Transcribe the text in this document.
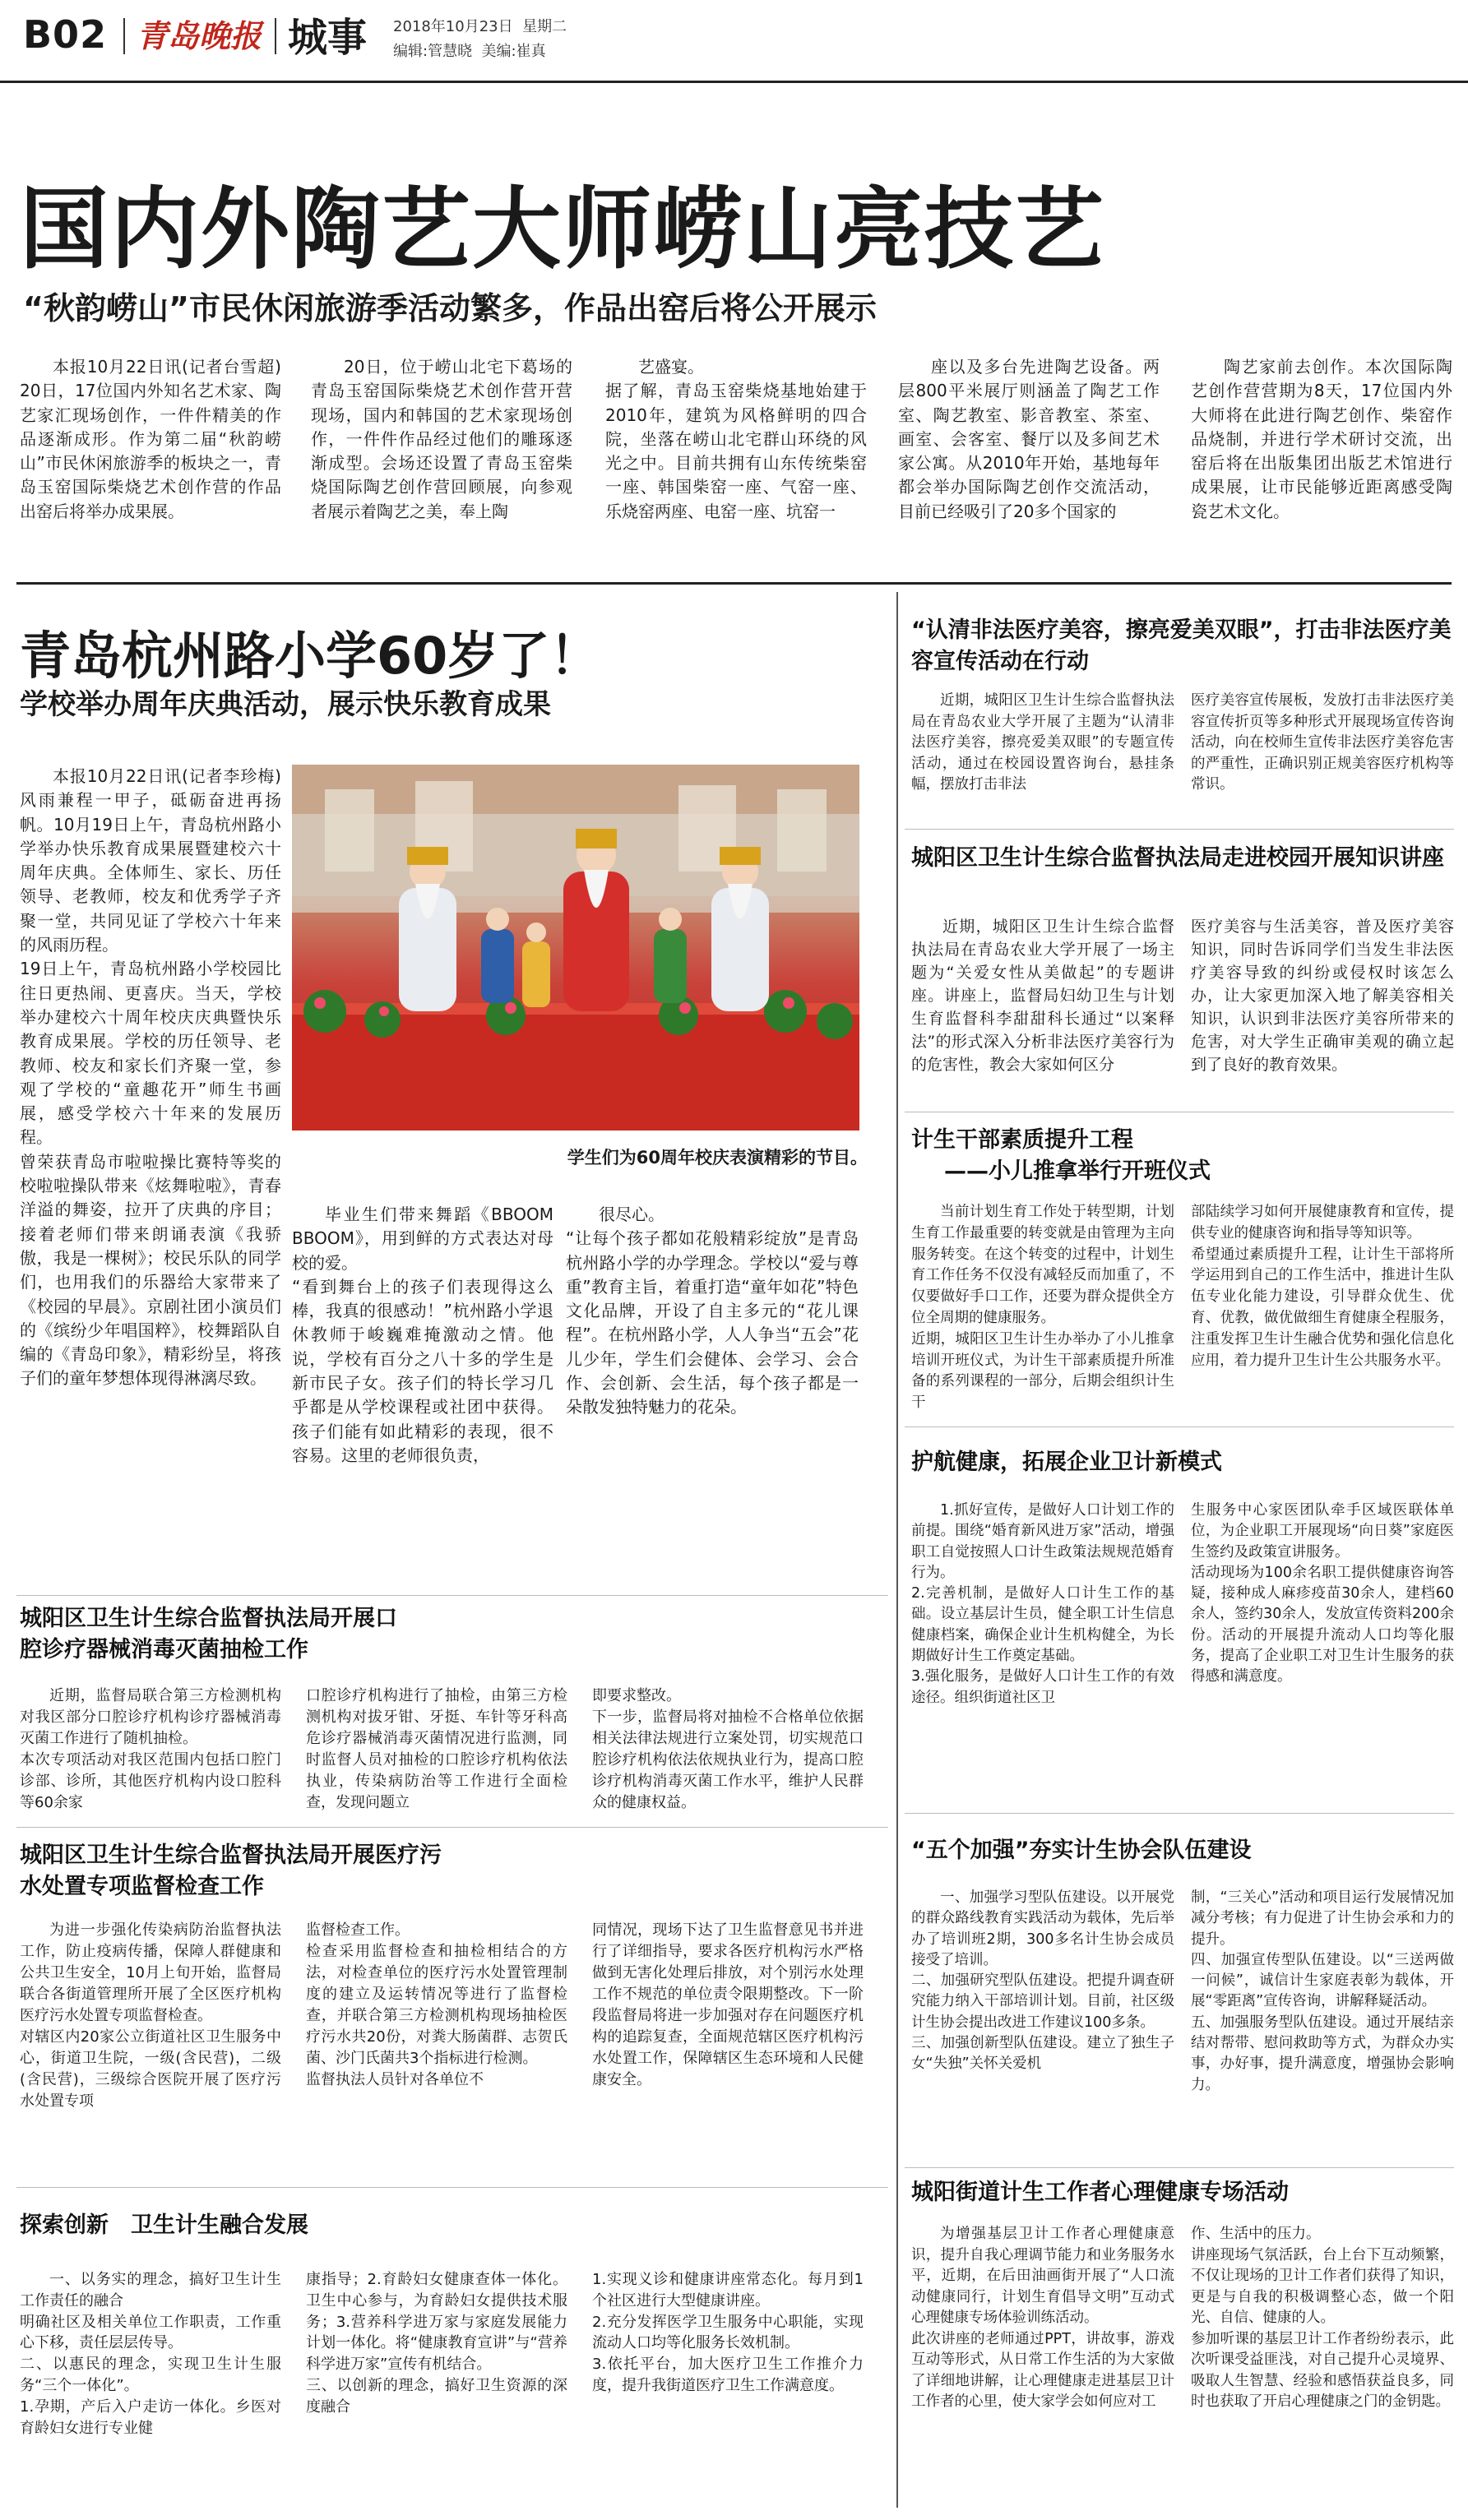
B02 青岛晚报 城事 2018年10月23日 星期二
编辑:管慧晓 美编:崔真
国内外陶艺大师崂山亮技艺
“秋韵崂山”市民休闲旅游季活动繁多，作品出窑后将公开展示
本报10月22日讯(记者台雪超) 20日，17位国内外知名艺术家、陶艺家汇现场创作，一件件精美的作品逐渐成形。作为第二届“秋韵崂山”市民休闲旅游季的板块之一，青岛玉窑国际柴烧艺术创作营的作品出窑后将举办成果展。
20日，位于崂山北宅下葛场的青岛玉窑国际柴烧艺术创作营开营现场，国内和韩国的艺术家现场创作，一件件作品经过他们的雕琢逐渐成型。会场还设置了青岛玉窑柴烧国际陶艺创作营回顾展，向参观者展示着陶艺之美，奉上陶
艺盛宴。
据了解，青岛玉窑柴烧基地始建于2010年，建筑为风格鲜明的四合院，坐落在崂山北宅群山环绕的风光之中。目前共拥有山东传统柴窑一座、韩国柴窑一座、气窑一座、乐烧窑两座、电窑一座、坑窑一
座以及多台先进陶艺设备。两层800平米展厅则涵盖了陶艺工作室、陶艺教室、影音教室、茶室、画室、会客室、餐厅以及多间艺术家公寓。从2010年开始，基地每年都会举办国际陶艺创作交流活动，目前已经吸引了20多个国家的
陶艺家前去创作。本次国际陶艺创作营营期为8天，17位国内外大师将在此进行陶艺创作、柴窑作品烧制，并进行学术研讨交流，出窑后将在出版集团出版艺术馆进行成果展，让市民能够近距离感受陶瓷艺术文化。
青岛杭州路小学60岁了！
学校举办周年庆典活动，展示快乐教育成果
学生们为60周年校庆表演精彩的节目。
本报10月22日讯(记者李珍梅) 风雨兼程一甲子，砥砺奋进再扬帆。10月19日上午，青岛杭州路小学举办快乐教育成果展暨建校六十周年庆典。全体师生、家长、历任领导、老教师，校友和优秀学子齐聚一堂，共同见证了学校六十年来的风雨历程。
19日上午，青岛杭州路小学校园比往日更热闹、更喜庆。当天，学校举办建校六十周年校庆庆典暨快乐教育成果展。学校的历任领导、老教师、校友和家长们齐聚一堂，参观了学校的“童趣花开”师生书画展，感受学校六十年来的发展历程。
曾荣获青岛市啦啦操比赛特等奖的校啦啦操队带来《炫舞啦啦》，青春洋溢的舞姿，拉开了庆典的序目；接着老师们带来朗诵表演《我骄傲，我是一棵树》；校民乐队的同学们，也用我们的乐器给大家带来了《校园的早晨》。京剧社团小演员们的《缤纷少年唱国粹》，校舞蹈队自编的《青岛印象》，精彩纷呈，将孩子们的童年梦想体现得淋漓尽致。
毕业生们带来舞蹈《BBOOM BBOOM》，用到鲜的方式表达对母校的爱。
“看到舞台上的孩子们表现得这么棒，我真的很感动！”杭州路小学退休教师于峻巍难掩激动之情。他说，学校有百分之八十多的学生是新市民子女。孩子们的特长学习几乎都是从学校课程或社团中获得。孩子们能有如此精彩的表现，很不容易。这里的老师很负责，
很尽心。
“让每个孩子都如花般精彩绽放”是青岛杭州路小学的办学理念。学校以“爱与尊重”教育主旨，着重打造“童年如花”特色文化品牌，开设了自主多元的“花儿课程”。在杭州路小学，人人争当“五会”花儿少年，学生们会健体、会学习、会合作、会创新、会生活，每个孩子都是一朵散发独特魅力的花朵。
“认清非法医疗美容，擦亮爱美双眼”，打击非法医疗美容宣传活动在行动
近期，城阳区卫生计生综合监督执法局在青岛农业大学开展了主题为“认清非法医疗美容，擦亮爱美双眼”的专题宣传活动，通过在校园设置咨询台，悬挂条幅，摆放打击非法
医疗美容宣传展板，发放打击非法医疗美容宣传折页等多种形式开展现场宣传咨询活动，向在校师生宣传非法医疗美容危害的严重性，正确识别正规美容医疗机构等常识。
城阳区卫生计生综合监督执法局走进校园开展知识讲座
近期，城阳区卫生计生综合监督执法局在青岛农业大学开展了一场主题为“关爱女性从美做起”的专题讲座。讲座上，监督局妇幼卫生与计划生育监督科李甜甜科长通过“以案释法”的形式深入分析非法医疗美容行为的危害性，教会大家如何区分
医疗美容与生活美容，普及医疗美容知识，同时告诉同学们当发生非法医疗美容导致的纠纷或侵权时该怎么办，让大家更加深入地了解美容相关知识，认识到非法医疗美容所带来的危害，对大学生正确审美观的确立起到了良好的教育效果。
计生干部素质提升工程
——小儿推拿举行开班仪式
当前计划生育工作处于转型期，计划生育工作最重要的转变就是由管理为主向服务转变。在这个转变的过程中，计划生育工作任务不仅没有减轻反而加重了，不仅要做好手口工作，还要为群众提供全方位全周期的健康服务。
近期，城阳区卫生计生办举办了小儿推拿培训开班仪式，为计生干部素质提升所准备的系列课程的一部分，后期会组织计生干
部陆续学习如何开展健康教育和宣传，提供专业的健康咨询和指导等知识等。
希望通过素质提升工程，让计生干部将所学运用到自己的工作生活中，推进计生队伍专业化能力建设，引导群众优生、优育、优教，做优做细生育健康全程服务，注重发挥卫生计生融合优势和强化信息化应用，着力提升卫生计生公共服务水平。
护航健康，拓展企业卫计新模式
1.抓好宣传，是做好人口计划工作的前提。围绕“婚育新风进万家”活动，增强职工自觉按照人口计生政策法规规范婚育行为。
2.完善机制，是做好人口计生工作的基础。设立基层计生员，健全职工计生信息健康档案，确保企业计生机构健全，为长期做好计生工作奠定基础。
3.强化服务，是做好人口计生工作的有效途径。组织街道社区卫
生服务中心家医团队牵手区域医联体单位，为企业职工开展现场“向日葵”家庭医生签约及政策宣讲服务。
活动现场为100余名职工提供健康咨询答疑，接种成人麻疹疫苗30余人，建档60余人，签约30余人，发放宣传资料200余份。活动的开展提升流动人口均等化服务，提高了企业职工对卫生计生服务的获得感和满意度。
“五个加强”夯实计生协会队伍建设
一、加强学习型队伍建设。以开展党的群众路线教育实践活动为载体，先后举办了培训班2期，300多名计生协会成员接受了培训。
二、加强研究型队伍建设。把提升调查研究能力纳入干部培训计划。目前，社区级计生协会提出改进工作建议100多条。
三、加强创新型队伍建设。建立了独生子女“失独”关怀关爱机
制，“三关心”活动和项目运行发展情况加减分考核；有力促进了计生协会承和力的提升。
四、加强宣传型队伍建设。以“三送两做一问候”，诚信计生家庭表彰为载体，开展“零距离”宣传咨询，讲解释疑活动。
五、加强服务型队伍建设。通过开展结亲结对帮带、慰问救助等方式，为群众办实事，办好事，提升满意度，增强协会影响力。
城阳街道计生工作者心理健康专场活动
为增强基层卫计工作者心理健康意识，提升自我心理调节能力和业务服务水平，近期，在后田油画街开展了“人口流动健康同行，计划生育倡导文明”互动式心理健康专场体验训练活动。
此次讲座的老师通过PPT，讲故事，游戏互动等形式，从日常工作生活的为大家做了详细地讲解，让心理健康走进基层卫计工作者的心里，使大家学会如何应对工
作、生活中的压力。
讲座现场气氛活跃，台上台下互动频繁，不仅让现场的卫计工作者们获得了知识，更是与自我的积极调整心态，做一个阳光、自信、健康的人。
参加听课的基层卫计工作者纷纷表示，此次听课受益匪浅，对自己提升心灵境界、吸取人生智慧、经验和感悟获益良多，同时也获取了开启心理健康之门的金钥匙。
城阳区卫生计生综合监督执法局开展口腔诊疗器械消毒灭菌抽检工作
近期，监督局联合第三方检测机构对我区部分口腔诊疗机构诊疗器械消毒灭菌工作进行了随机抽检。
本次专项活动对我区范围内包括口腔门诊部、诊所，其他医疗机构内设口腔科等60余家
口腔诊疗机构进行了抽检，由第三方检测机构对拔牙钳、牙挺、车针等牙科高危诊疗器械消毒灭菌情况进行监测，同时监督人员对抽检的口腔诊疗机构依法执业，传染病防治等工作进行全面检查，发现问题立
即要求整改。
下一步，监督局将对抽检不合格单位依据相关法律法规进行立案处罚，切实规范口腔诊疗机构依法依规执业行为，提高口腔诊疗机构消毒灭菌工作水平，维护人民群众的健康权益。
城阳区卫生计生综合监督执法局开展医疗污水处置专项监督检查工作
为进一步强化传染病防治监督执法工作，防止疫病传播，保障人群健康和公共卫生安全，10月上旬开始，监督局联合各街道管理所开展了全区医疗机构医疗污水处置专项监督检查。
对辖区内20家公立街道社区卫生服务中心，街道卫生院，一级(含民营)，二级(含民营)，三级综合医院开展了医疗污水处置专项
监督检查工作。
检查采用监督检查和抽检相结合的方法，对检查单位的医疗污水处置管理制度的建立及运转情况等进行了监督检查，并联合第三方检测机构现场抽检医疗污水共20份，对粪大肠菌群、志贺氏菌、沙门氏菌共3个指标进行检测。
监督执法人员针对各单位不
同情况，现场下达了卫生监督意见书并进行了详细指导，要求各医疗机构污水严格做到无害化处理后排放，对个别污水处理工作不规范的单位责令限期整改。下一阶段监督局将进一步加强对存在问题医疗机构的追踪复查，全面规范辖区医疗机构污水处置工作，保障辖区生态环境和人民健康安全。
探索创新　卫生计生融合发展
一、以务实的理念，搞好卫生计生工作责任的融合
明确社区及相关单位工作职责，工作重心下移，责任层层传导。
二、以惠民的理念，实现卫生计生服务“三个一体化”。
1.孕期，产后入户走访一体化。乡医对育龄妇女进行专业健
康指导；2.育龄妇女健康查体一体化。卫生中心参与，为育龄妇女提供技术服务；3.营养科学进万家与家庭发展能力计划一体化。将“健康教育宣讲”与“营养科学进万家”宣传有机结合。
三、以创新的理念，搞好卫生资源的深度融合
1.实现义诊和健康讲座常态化。每月到1个社区进行大型健康讲座。
2.充分发挥医学卫生服务中心职能，实现流动人口均等化服务长效机制。
3.依托平台，加大医疗卫生工作推介力度，提升我街道医疗卫生工作满意度。
